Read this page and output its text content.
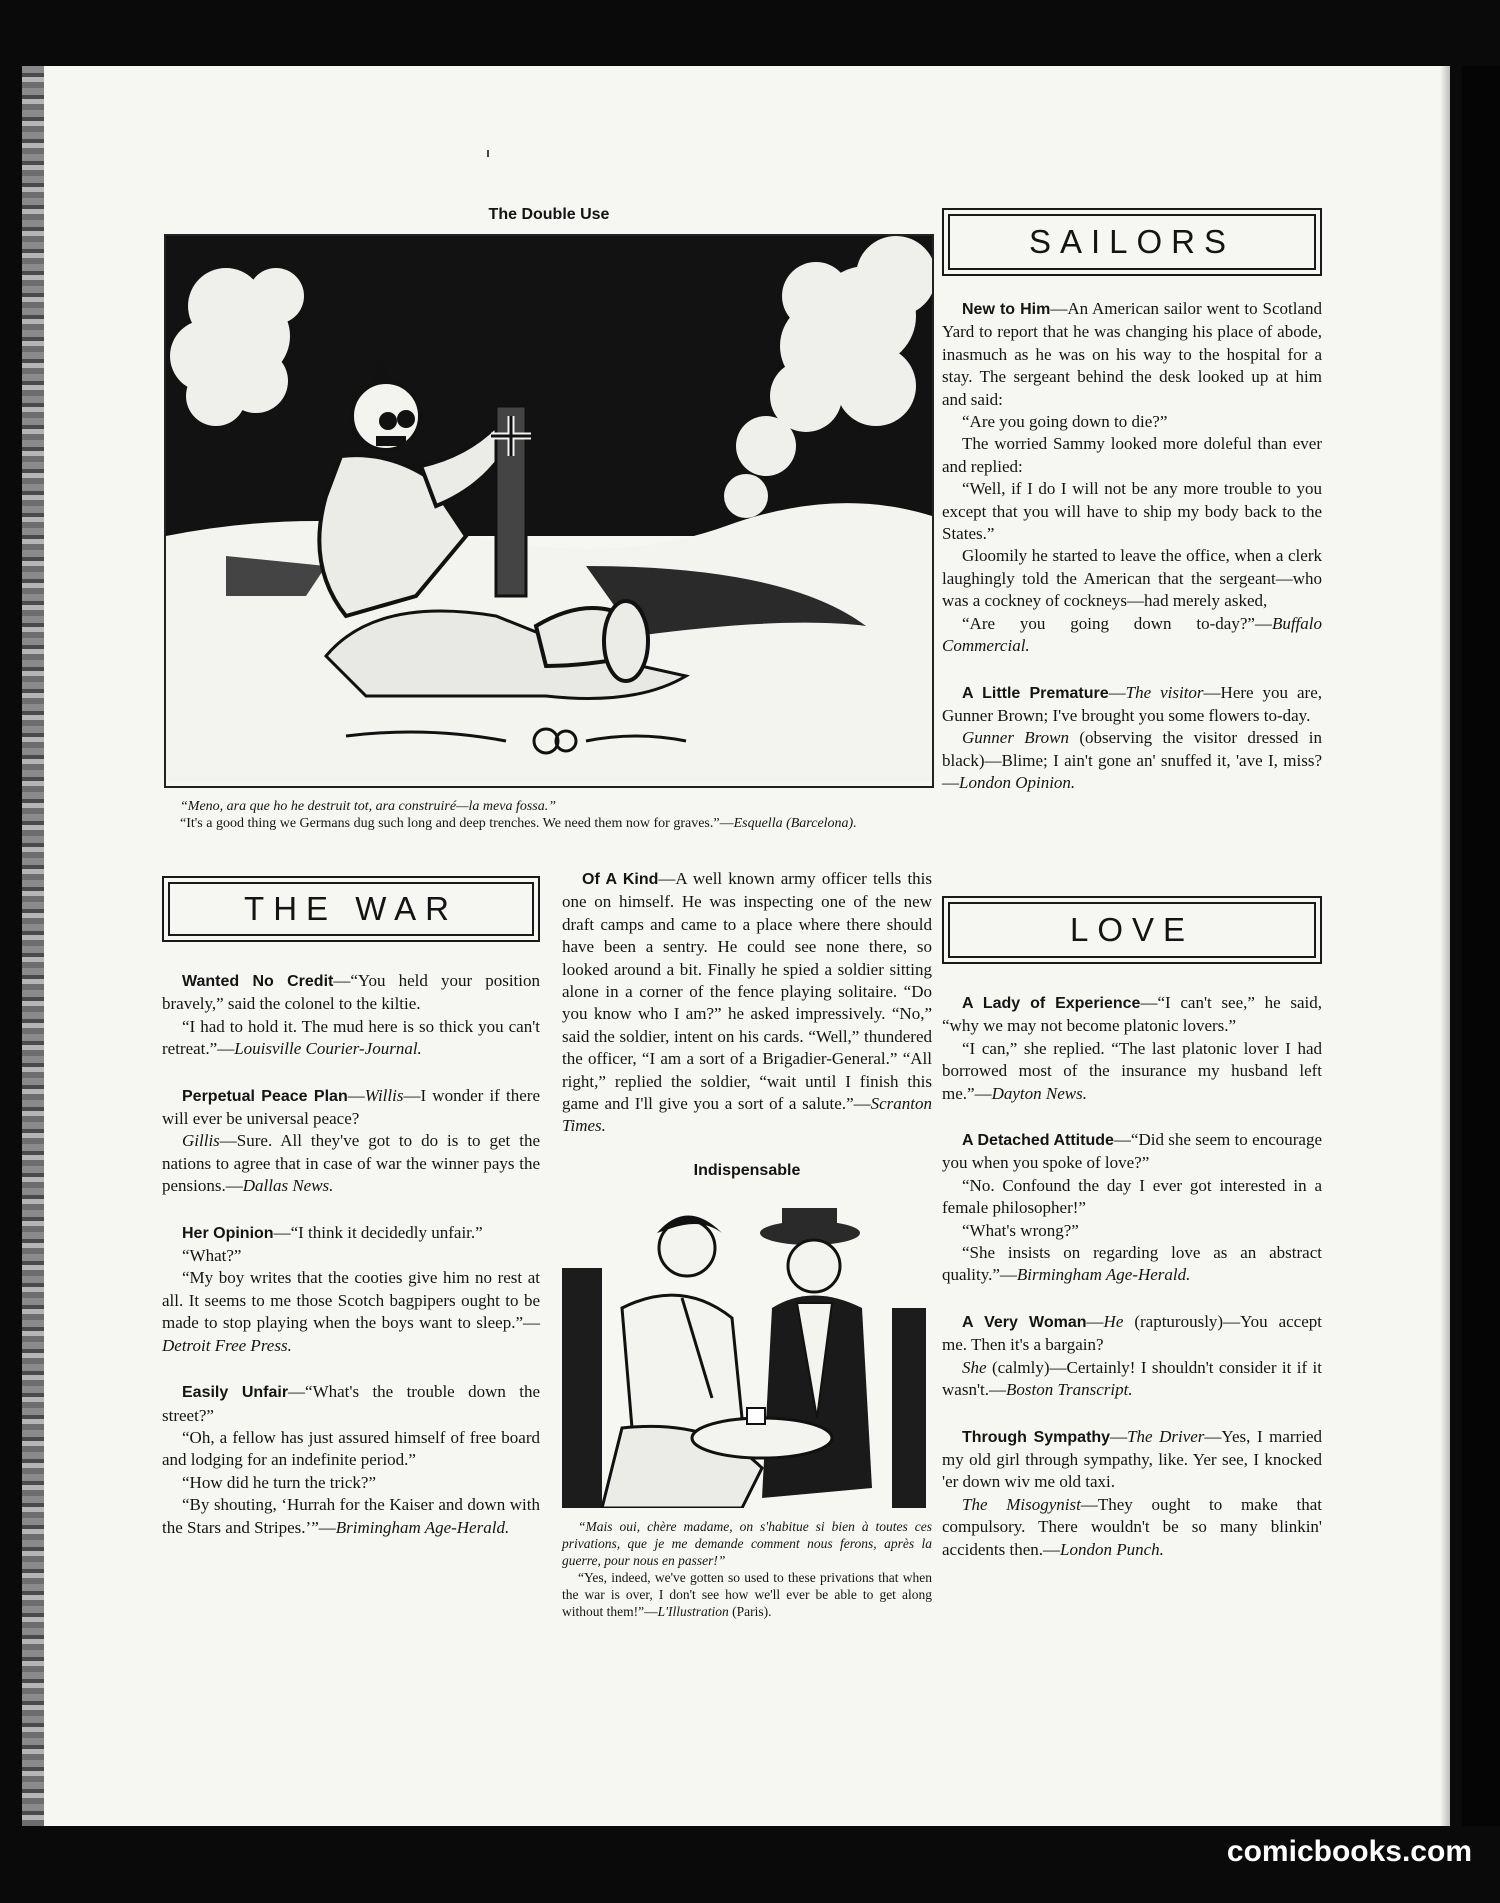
The Double Use

“Meno, ara que ho he destruit tot, ara construiré—la meva fossa.”

“It's a good thing we Germans dug such long and deep trenches. We need them now for graves.”—Esquella (Barcelona).

THE WAR

Wanted No Credit—“You held your position bravely,” said the colonel to the kiltie.

“I had to hold it. The mud here is so thick you can't retreat.”—Louisville Courier-Journal.

Perpetual Peace Plan—Willis—I wonder if there will ever be universal peace?

Gillis—Sure. All they've got to do is to get the nations to agree that in case of war the winner pays the pensions.—Dallas News.

Her Opinion—“I think it decidedly unfair.”

“What?”

“My boy writes that the cooties give him no rest at all. It seems to me those Scotch bagpipers ought to be made to stop playing when the boys want to sleep.”—Detroit Free Press.

Easily Unfair—“What's the trouble down the street?”

“Oh, a fellow has just assured himself of free board and lodging for an indefinite period.”

“How did he turn the trick?”

“By shouting, ‘Hurrah for the Kaiser and down with the Stars and Stripes.’”—Brimingham Age-Herald.

Of A Kind—A well known army officer tells this one on himself. He was inspecting one of the new draft camps and came to a place where there should have been a sentry. He could see none there, so looked around a bit. Finally he spied a soldier sitting alone in a corner of the fence playing solitaire. “Do you know who I am?” he asked impressively. “No,” said the soldier, intent on his cards. “Well,” thundered the officer, “I am a sort of a Brigadier-General.” “All right,” replied the soldier, “wait until I finish this game and I'll give you a sort of a salute.”—Scranton Times.

Indispensable

“Mais oui, chère madame, on s'habitue si bien à toutes ces privations, que je me demande comment nous ferons, après la guerre, pour nous en passer!”

“Yes, indeed, we've gotten so used to these privations that when the war is over, I don't see how we'll ever be able to get along without them!”—L'Illustration (Paris).

SAILORS

New to Him—An American sailor went to Scotland Yard to report that he was changing his place of abode, inasmuch as he was on his way to the hospital for a stay. The sergeant behind the desk looked up at him and said:

“Are you going down to die?”

The worried Sammy looked more doleful than ever and replied:

“Well, if I do I will not be any more trouble to you except that you will have to ship my body back to the States.”

Gloomily he started to leave the office, when a clerk laughingly told the American that the sergeant—who was a cockney of cockneys—had merely asked,

“Are you going down to-day?”—Buffalo Commercial.

A Little Premature—The visitor—Here you are, Gunner Brown; I've brought you some flowers to-day.

Gunner Brown (observing the visitor dressed in black)—Blime; I ain't gone an' snuffed it, 'ave I, miss?—London Opinion.

LOVE

A Lady of Experience—“I can't see,” he said, “why we may not become platonic lovers.”

“I can,” she replied. “The last platonic lover I had borrowed most of the insurance my husband left me.”—Dayton News.

A Detached Attitude—“Did she seem to encourage you when you spoke of love?”

“No. Confound the day I ever got interested in a female philosopher!”

“What's wrong?”

“She insists on regarding love as an abstract quality.”—Birmingham Age-Herald.

A Very Woman—He (rapturously)—You accept me. Then it's a bargain?

She (calmly)—Certainly! I shouldn't consider it if it wasn't.—Boston Transcript.

Through Sympathy—The Driver—Yes, I married my old girl through sympathy, like. Yer see, I knocked 'er down wiv me old taxi.

The Misogynist—They ought to make that compulsory. There wouldn't be so many blinkin' accidents then.—London Punch.

comicbooks.com
